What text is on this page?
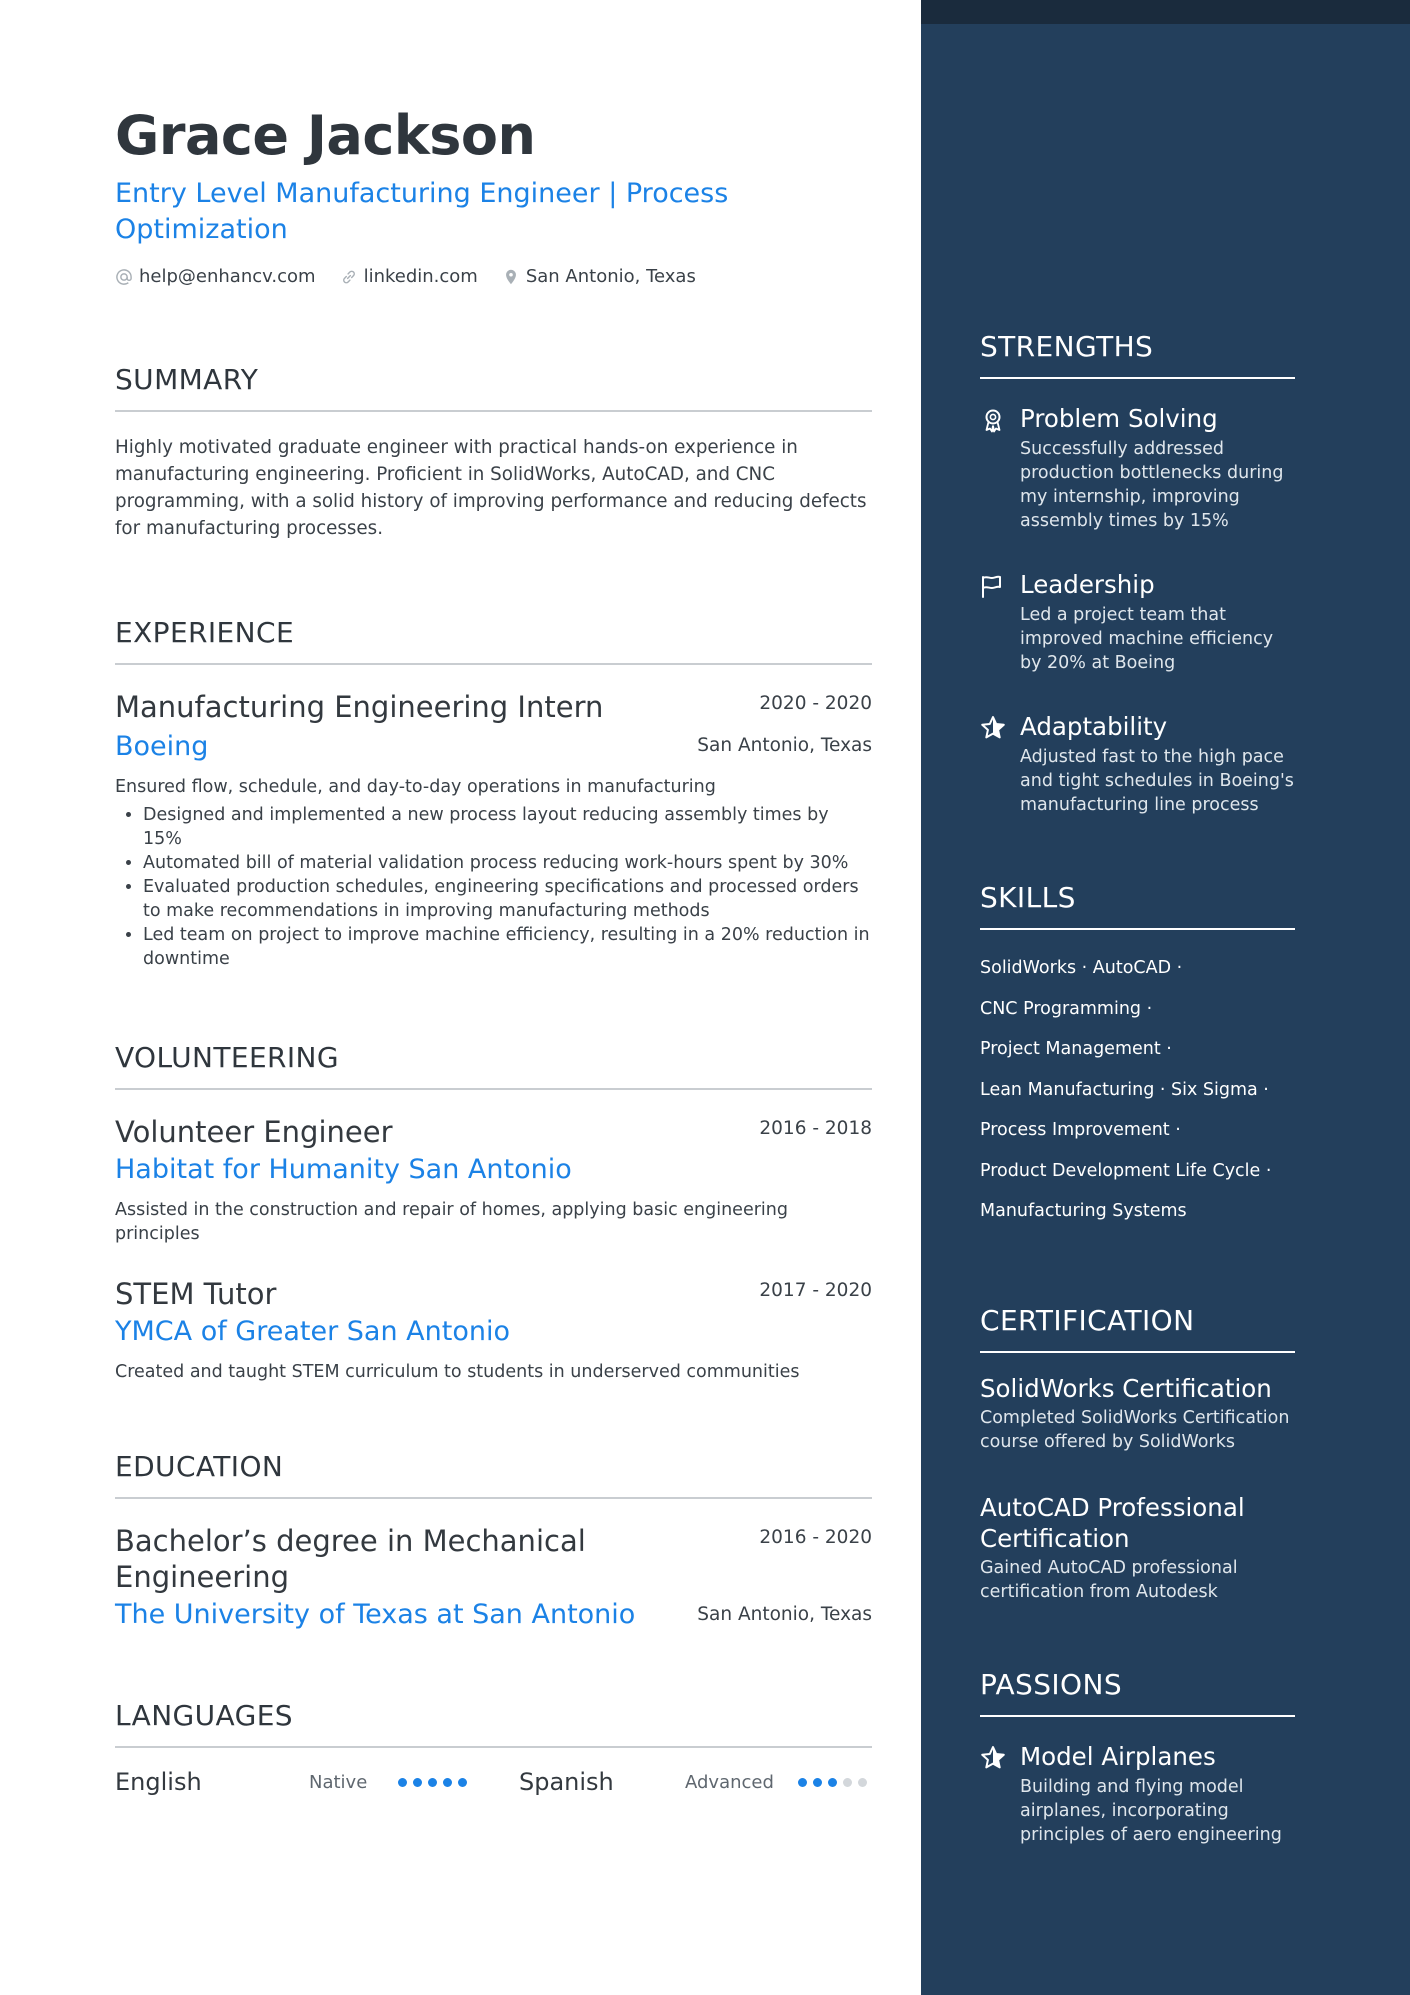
Grace Jackson
Entry Level Manufacturing Engineer | Process Optimization
help@enhancv.com	linkedin.com	San Antonio, Texas
SUMMARY
Highly motivated graduate engineer with practical hands-on experience in manufacturing engineering. Proficient in SolidWorks, AutoCAD, and CNC programming, with a solid history of improving performance and reducing defects for manufacturing processes.
EXPERIENCE
Manufacturing Engineering Intern	2020 - 2020
Boeing	San Antonio, Texas
Ensured flow, schedule, and day-to-day operations in manufacturing
• Designed and implemented a new process layout reducing assembly times by 15%
• Automated bill of material validation process reducing work-hours spent by 30%
• Evaluated production schedules, engineering specifications and processed orders to make recommendations in improving manufacturing methods
• Led team on project to improve machine efficiency, resulting in a 20% reduction in downtime
VOLUNTEERING
Volunteer Engineer	2016 - 2018
Habitat for Humanity San Antonio
Assisted in the construction and repair of homes, applying basic engineering principles
STEM Tutor	2017 - 2020
YMCA of Greater San Antonio
Created and taught STEM curriculum to students in underserved communities
EDUCATION
Bachelor’s degree in Mechanical Engineering
2016 - 2020
The University of Texas at San Antonio	San Antonio, Texas
LANGUAGES
English	Native	Spanish	Advanced
STRENGTHS
Problem Solving
Successfully addressed production bottlenecks during my internship, improving assembly times by 15%
Leadership
Led a project team that improved machine efficiency by 20% at Boeing
Adaptability
Adjusted fast to the high pace and tight schedules in Boeing's manufacturing line process
SKILLS
SolidWorks · AutoCAD ·
CNC Programming ·
Project Management ·
Lean Manufacturing · Six Sigma ·
Process Improvement ·
Product Development Life Cycle ·
Manufacturing Systems
CERTIFICATION
SolidWorks Certification
Completed SolidWorks Certification course offered by SolidWorks
AutoCAD Professional Certification
Gained AutoCAD professional certification from Autodesk
PASSIONS
Model Airplanes
Building and flying model airplanes, incorporating principles of aero engineering
